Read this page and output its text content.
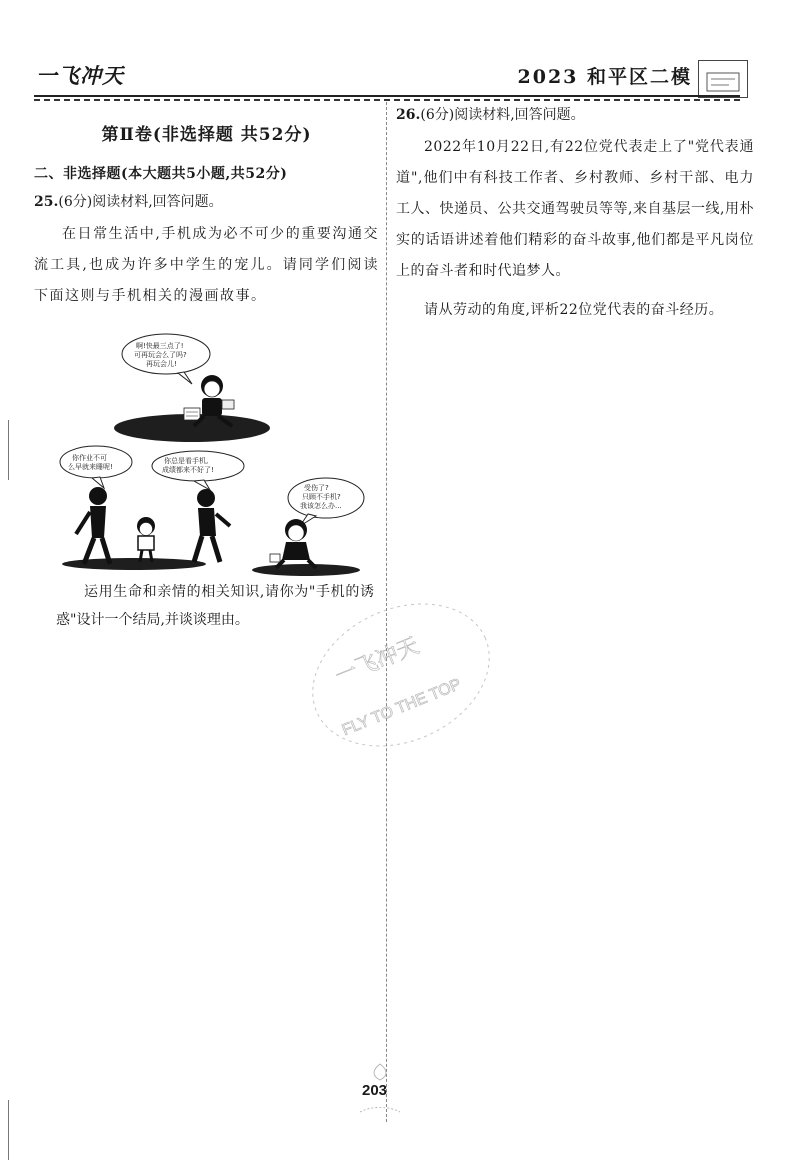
一飞冲天	2023 和平区二模
第Ⅱ卷(非选择题 共52分)
二、非选择题(本大题共5小题,共52分)
25.(6分)阅读材料,回答问题。

在日常生活中,手机成为必不可少的重要沟通交流工具,也成为许多中学生的宠儿。请同学们阅读下面这则与手机相关的漫画故事。

啊!快最三点了!
可再玩会么了吗?
再玩会儿!
你作业不可
么早就来睡呢!
你总是看手机,
成绩都来不好了!
受伤了?
只顾不手机?
我该怎么办...
运用生命和亲情的相关知识,请你为"手机的诱惑"设计一个结局,并谈谈理由。
26.(6分)阅读材料,回答问题。

2022年10月22日,有22位党代表走上了"党代表通道",他们中有科技工作者、乡村教师、乡村干部、电力工人、快递员、公共交通驾驶员等等,来自基层一线,用朴实的话语讲述着他们精彩的奋斗故事,他们都是平凡岗位上的奋斗者和时代追梦人。

请从劳动的角度,评析22位党代表的奋斗经历。

一飞冲天
FLY TO THE TOP
203
